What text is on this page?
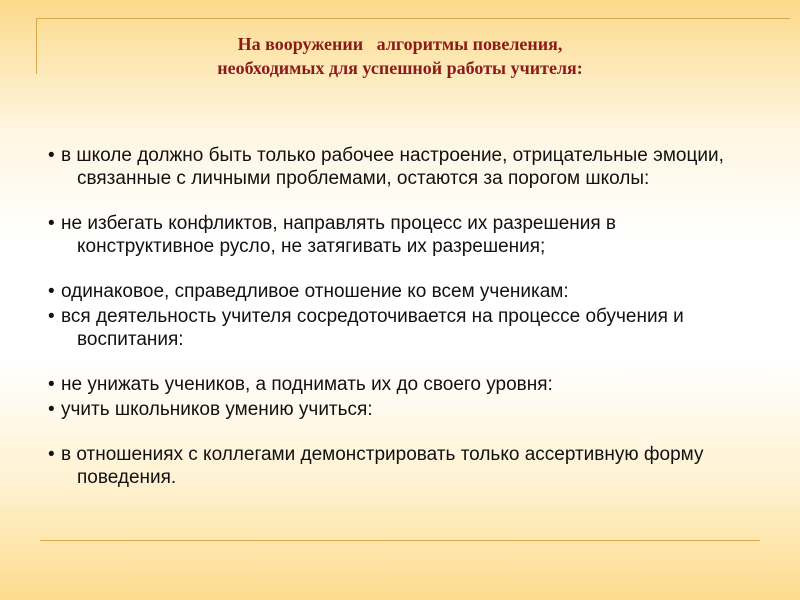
На вооружении   алгоритмы повеления,
необходимых для успешной работы учителя:
• в школе должно быть только рабочее настроение, отрицательные эмоции, связанные с личными проблемами, остаются за порогом школы:
• не избегать конфликтов, направлять процесс их разрешения в конструктивное русло, не затягивать их разрешения;
• одинаковое, справедливое отношение ко всем ученикам:
• вся деятельность учителя сосредоточивается на процессе обучения и воспитания:
• не унижать учеников, а поднимать их до своего уровня:
• учить школьников умению учиться:
• в отношениях с коллегами демонстрировать только ассертивную форму поведения.
